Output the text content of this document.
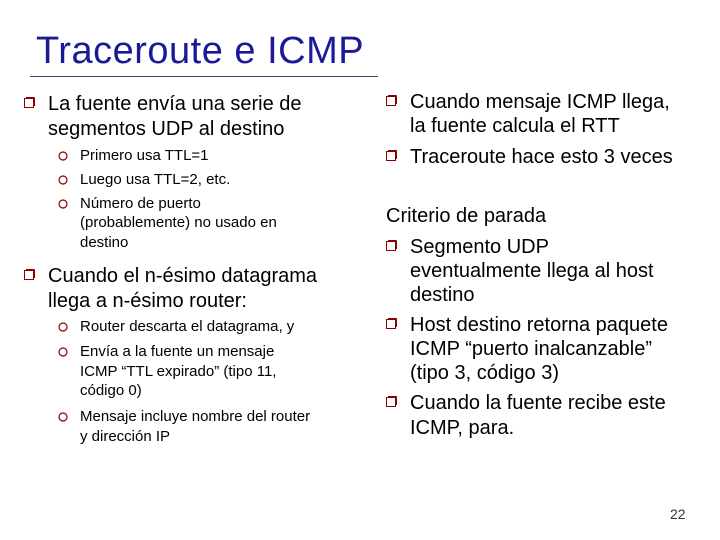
Traceroute e ICMP
La fuente envía una serie de
segmentos UDP al destino
Primero usa TTL=1
Luego usa TTL=2, etc.
Número de puerto
(probablemente) no usado en
destino
Cuando el n-ésimo datagrama
llega a n-ésimo router:
Router descarta el datagrama, y
Envía a la fuente un mensaje
ICMP “TTL expirado” (tipo 11,
código 0)
Mensaje incluye nombre del router
y dirección IP
Cuando mensaje ICMP llega,
la fuente calcula el RTT
Traceroute hace esto 3 veces
Criterio de parada
Segmento UDP
eventualmente llega al host
destino
Host destino retorna paquete
ICMP “puerto inalcanzable”
(tipo 3, código 3)
Cuando la fuente recibe este
ICMP, para.
22
